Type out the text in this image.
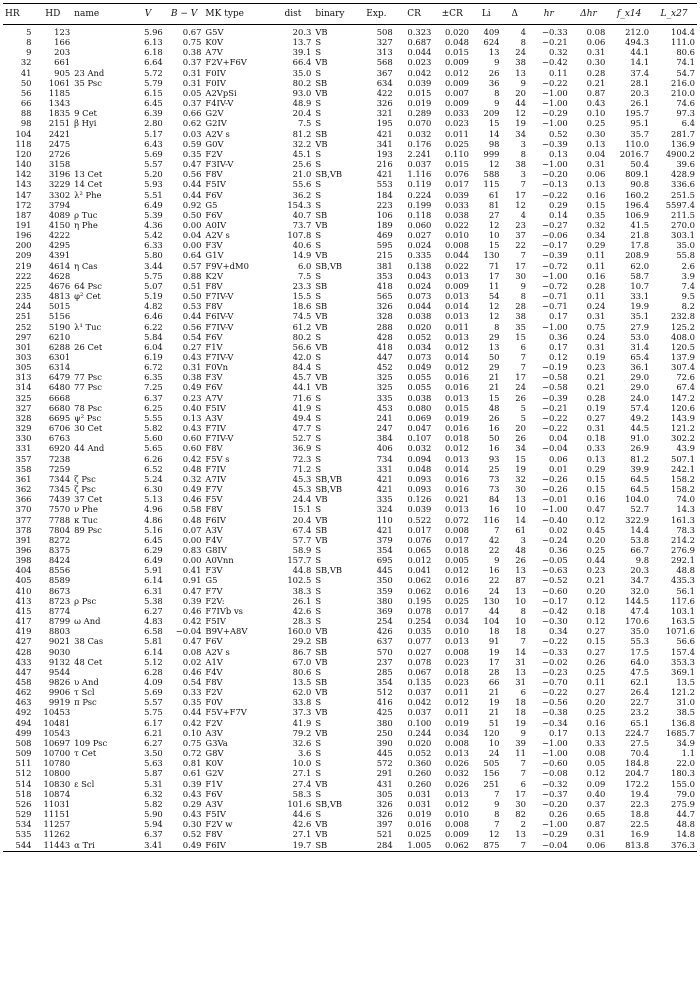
HR	HD	name	V	B − V	MK type	dist	binary	Exp.	CR	±CR	Li	Δ	hr	Δhr	f_x14	L_x27
5	123		5.96	0.67	G5V	20.3	VB	508	0.323	0.020	409	4	−0.33	0.08	212.0	104.4
8	166		6.13	0.75	K0V	13.7	S	327	0.687	0.048	624	8	−0.21	0.06	494.3	111.0
9	203		6.18	0.38	A7V	39.1	S	313	0.044	0.015	13	24	0.32	0.31	44.1	80.6
32	661		6.64	0.37	F2V+F6V	66.4	VB	568	0.023	0.009	9	38	−0.42	0.30	14.1	74.1
41	905	23 And	5.72	0.31	F0IV	35.0	S	367	0.042	0.012	26	13	0.11	0.28	37.4	54.7
50	1061	35 Psc	5.79	0.31	F0IV	80.2	SB	634	0.039	0.009	36	9	−0.22	0.21	28.1	216.0
56	1185		6.15	0.05	A2VpSi	93.0	VB	422	0.015	0.007	8	20	−1.00	0.87	20.3	210.0
66	1343		6.45	0.37	F4IV-V	48.9	S	326	0.019	0.009	9	44	−1.00	0.43	26.1	74.6
88	1835	9 Cet	6.39	0.66	G2V	20.4	S	321	0.289	0.033	209	12	−0.29	0.10	195.7	97.3
98	2151	β Hyi	2.80	0.62	G2IV	7.5	S	195	0.070	0.023	15	19	−1.00	0.25	95.1	6.4
104	2421		5.17	0.03	A2V s	81.2	SB	421	0.032	0.011	14	34	0.52	0.30	35.7	281.7
118	2475		6.43	0.59	G0V	32.2	VB	341	0.176	0.025	98	3	−0.39	0.13	110.0	136.9
120	2726		5.69	0.35	F2V	45.1	S	193	2.241	0.110	999	8	0.13	0.04	2016.7	4900.2
140	3158		5.57	0.47	F3IV-V	25.6	S	216	0.037	0.015	12	38	−1.00	0.31	50.4	39.6
142	3196	13 Cet	5.20	0.56	F8V	21.0	SB,VB	421	1.116	0.076	588	3	−0.20	0.06	809.1	428.9
143	3229	14 Cet	5.93	0.44	F5IV	55.6	S	553	0.119	0.017	115	7	−0.13	0.13	90.8	336.6
147	3302	λ² Phe	5.51	0.44	F6V	36.2	S	184	0.224	0.039	61	17	−0.22	0.16	160.2	251.5
172	3794		6.49	0.92	G5	154.3	S	223	0.199	0.033	81	12	0.29	0.15	196.4	5597.4
187	4089	ρ Tuc	5.39	0.50	F6V	40.7	SB	106	0.118	0.038	27	4	0.14	0.35	106.9	211.5
191	4150	η Phe	4.36	0.00	A0IV	73.7	VB	189	0.060	0.022	12	23	−0.27	0.32	41.5	270.0
196	4222		5.42	0.04	A2V s	107.8	S	469	0.027	0.010	10	37	−0.06	0.34	21.8	303.1
200	4295		6.33	0.00	F3V	40.6	S	595	0.024	0.008	15	22	−0.17	0.29	17.8	35.0
209	4391		5.80	0.64	G1V	14.9	VB	215	0.335	0.044	130	7	−0.39	0.11	208.9	55.8
219	4614	η Cas	3.44	0.57	F9V+dM0	6.0	SB,VB	381	0.138	0.022	71	17	−0.72	0.11	62.0	2.6
222	4628		5.75	0.88	K2V	7.5	S	353	0.043	0.013	17	30	−1.00	0.16	58.7	3.9
225	4676	64 Psc	5.07	0.51	F8V	23.3	SB	418	0.024	0.009	11	9	−0.72	0.28	10.7	7.4
235	4813	φ² Cet	5.19	0.50	F7IV-V	15.5	S	565	0.073	0.013	54	8	−0.71	0.11	33.1	9.5
244	5015		4.82	0.53	F8V	18.6	SB	326	0.044	0.014	12	28	−0.71	0.24	19.9	8.2
251	5156		6.46	0.44	F6IV-V	74.5	VB	328	0.038	0.013	12	38	0.17	0.31	35.1	232.8
252	5190	λ¹ Tuc	6.22	0.56	F7IV-V	61.2	VB	288	0.020	0.011	8	35	−1.00	0.75	27.9	125.2
297	6210		5.84	0.54	F6V	80.2	S	428	0.052	0.013	29	15	0.36	0.24	53.0	408.0
301	6288	26 Cet	6.04	0.27	F1V	56.6	VB	418	0.034	0.012	13	6	0.17	0.31	31.4	120.5
303	6301		6.19	0.43	F7IV-V	42.0	S	447	0.073	0.014	50	7	0.12	0.19	65.4	137.9
305	6314		6.72	0.31	F0Vn	84.4	S	452	0.049	0.012	29	7	−0.19	0.23	36.1	307.4
313	6479	77 Psc	6.35	0.38	F3V	45.7	VB	325	0.055	0.016	21	17	−0.58	0.21	29.0	72.6
314	6480	77 Psc	7.25	0.49	F6V	44.1	VB	325	0.055	0.016	21	24	−0.58	0.21	29.0	67.4
325	6668		6.37	0.23	A7V	71.6	S	335	0.038	0.013	15	26	−0.39	0.28	24.0	147.2
327	6680	78 Psc	6.25	0.40	F5IV	41.9	S	453	0.080	0.015	48	5	−0.21	0.19	57.4	120.6
328	6695	ψ² Psc	5.55	0.13	A3V	49.4	S	241	0.069	0.019	26	5	−0.22	0.27	49.2	143.9
329	6706	30 Cet	5.82	0.43	F7IV	47.7	S	247	0.047	0.016	16	20	−0.22	0.31	44.5	121.2
330	6763		5.60	0.60	F7IV-V	52.7	S	384	0.107	0.018	50	26	0.04	0.18	91.0	302.2
331	6920	44 And	5.65	0.60	F8V	36.9	S	406	0.032	0.012	16	34	−0.04	0.33	26.9	43.9
357	7238		6.26	0.42	F5V s	72.3	S	734	0.094	0.013	93	15	0.06	0.13	81.2	507.1
358	7259		6.52	0.48	F7IV	71.2	S	331	0.048	0.014	25	19	0.01	0.29	39.9	242.1
361	7344	ζ Psc	5.24	0.32	A7IV	45.3	SB,VB	421	0.093	0.016	73	32	−0.26	0.15	64.5	158.2
362	7345	ζ Psc	6.30	0.49	F7V	45.3	SB,VB	421	0.093	0.016	73	30	−0.26	0.15	64.5	158.2
366	7439	37 Cet	5.13	0.46	F5V	24.4	VB	335	0.126	0.021	84	13	−0.01	0.16	104.0	74.0
370	7570	ν Phe	4.96	0.58	F8V	15.1	S	324	0.039	0.013	16	10	−1.00	0.47	52.7	14.3
377	7788	κ Tuc	4.86	0.48	F6IV	20.4	VB	110	0.522	0.072	116	14	−0.40	0.12	322.9	161.3
378	7804	89 Psc	5.16	0.07	A3V	67.4	SB	421	0.017	0.008	7	61	0.02	0.45	14.4	78.3
391	8272		6.45	0.00	F4V	57.7	VB	379	0.076	0.017	42	3	−0.24	0.20	53.8	214.2
396	8375		6.29	0.83	G8IV	58.9	S	354	0.065	0.018	22	48	0.36	0.25	66.7	276.9
398	8424		6.49	0.00	A0Vnn	157.7	S	695	0.012	0.005	9	26	−0.05	0.44	9.8	292.1
404	8556		5.91	0.41	F3V	44.8	SB,VB	445	0.041	0.012	16	13	−0.63	0.23	20.3	48.8
405	8589		6.14	0.91	G5	102.5	S	350	0.062	0.016	22	87	−0.52	0.21	34.7	435.3
410	8673		6.31	0.47	F7V	38.3	S	359	0.062	0.016	24	13	−0.60	0.20	32.0	56.1
413	8723	ρ Psc	5.38	0.39	F2V:	26.1	S	380	0.195	0.025	130	10	−0.17	0.12	144.5	117.6
415	8774		6.27	0.46	F7IVb vs	42.6	S	369	0.078	0.017	44	8	−0.42	0.18	47.4	103.1
417	8799	ω And	4.83	0.42	F5IV	28.3	S	254	0.254	0.034	104	10	−0.30	0.12	170.6	163.5
419	8803		6.58	−0.04	B9V+A8V	160.0	VB	426	0.035	0.010	18	18	0.34	0.27	35.0	1071.6
427	9021	38 Cas	5.81	0.47	F6V	29.2	SB	637	0.077	0.013	91	7	−0.22	0.15	55.3	56.6
428	9030		6.14	0.08	A2V s	86.7	SB	570	0.027	0.008	19	14	−0.33	0.27	17.5	157.4
433	9132	48 Cet	5.12	0.02	A1V	67.0	VB	237	0.078	0.023	17	31	−0.02	0.26	64.0	353.3
447	9544		6.28	0.46	F4V	80.6	S	285	0.067	0.018	28	13	−0.23	0.25	47.5	369.1
458	9826	υ And	4.09	0.54	F8V	13.5	SB	354	0.135	0.023	66	31	−0.70	0.11	62.1	13.5
462	9906	τ Scl	5.69	0.33	F2V	62.0	VB	512	0.037	0.011	21	6	−0.22	0.27	26.4	121.2
463	9919	π Psc	5.57	0.35	F0V	33.8	S	416	0.042	0.012	19	18	−0.56	0.20	22.7	31.0
492	10453		5.75	0.44	F5V+F7V	37.3	VB	425	0.037	0.011	21	18	−0.38	0.25	23.2	38.5
494	10481		6.17	0.42	F2V	41.9	S	380	0.100	0.019	51	19	−0.34	0.16	65.1	136.8
499	10543		6.21	0.10	A3V	79.2	VB	250	0.244	0.034	120	9	0.17	0.13	224.7	1685.7
508	10697	109 Psc	6.27	0.75	G3Va	32.6	S	390	0.020	0.008	10	39	−1.00	0.33	27.5	34.9
509	10700	τ Cet	3.50	0.72	G8V	3.6	S	445	0.052	0.013	24	11	−1.00	0.08	70.4	1.1
511	10780		5.63	0.81	K0V	10.0	S	572	0.360	0.026	505	7	−0.60	0.05	184.8	22.0
512	10800		5.87	0.61	G2V	27.1	S	291	0.260	0.032	156	7	−0.08	0.12	204.7	180.3
514	10830	ε Scl	5.31	0.39	F1V	27.4	VB	431	0.260	0.026	251	6	−0.32	0.09	172.2	155.0
518	10874		6.32	0.43	F6V	58.3	S	305	0.031	0.013	7	17	−0.37	0.40	19.4	79.0
526	11031		5.82	0.29	A3V	101.6	SB,VB	326	0.031	0.012	9	30	−0.20	0.37	22.3	275.9
529	11151		5.90	0.43	F5IV	44.6	S	326	0.019	0.010	8	82	0.26	0.65	18.8	44.7
534	11257		5.94	0.30	F2V w	42.6	VB	397	0.016	0.008	7	2	−1.00	0.87	22.5	48.8
535	11262		6.37	0.52	F8V	27.1	VB	521	0.025	0.009	12	13	−0.29	0.31	16.9	14.8
544	11443	α Tri	3.41	0.49	F6IV	19.7	SB	284	1.005	0.062	875	7	−0.04	0.06	813.8	376.3
